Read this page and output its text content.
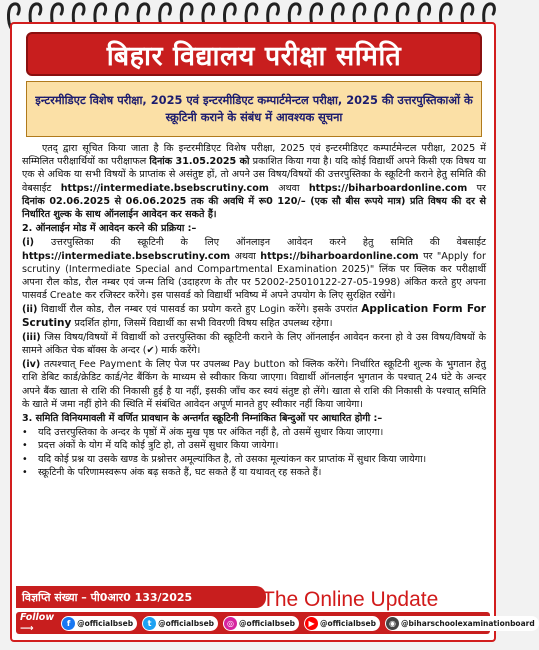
बिहार विद्यालय परीक्षा समिति
इन्टरमीडिएट विशेष परीक्षा, 2025 एवं इन्टरमीडिएट कम्पार्टमेन्टल परीक्षा, 2025 की उत्तरपुस्तिकाओं के स्क्रूटिनी कराने के संबंध में आवश्यक सूचना

एतद् द्वारा सूचित किया जाता है कि इन्टरमीडिएट विशेष परीक्षा, 2025 एवं इन्टरमीडिएट कम्पार्टमेन्टल परीक्षा, 2025 में सम्मिलित परीक्षार्थियों का परीक्षाफल दिनांक 31.05.2025 को प्रकाशित किया गया है। यदि कोई विद्यार्थी अपने किसी एक विषय या एक से अधिक या सभी विषयों के प्राप्तांक से असंतुष्ट हों, तो अपने उस विषय/विषयों की उत्तरपुस्तिका के स्क्रूटिनी कराने हेतु समिति की वेबसाईट https://intermediate.bsebscrutiny.com अथवा https://biharboardonline.com पर दिनांक 02.06.2025 से 06.06.2025 तक की अवधि में रू0 120/– (एक सौ बीस रूपये मात्र) प्रति विषय की दर से निर्धारित शुल्क के साथ ऑनलाईन आवेदन कर सकते हैं।

2. ऑनलाईन मोड में आवेदन करने की प्रक्रिया :–

(i) उत्तरपुस्तिका की स्क्रूटिनी के लिए ऑनलाइन आवेदन करने हेतु समिति की वेबसाईट https://intermediate.bsebscrutiny.com अथवा https://biharboardonline.com पर "Apply for scrutiny (Intermediate Special and Compartmental Examination 2025)" लिंक पर क्लिक कर परीक्षार्थी अपना रौल कोड, रौल नम्बर एवं जन्म तिथि (उदाहरण के तौर पर 52002-25010122-27-05-1998) अंकित करते हुए अपना पासवर्ड Create कर रजिस्टर करेंगे। इस पासवर्ड को विद्यार्थी भविष्य में अपने उपयोग के लिए सुरक्षित रखेंगे।

(ii) विद्यार्थी रौल कोड, रौल नम्बर एवं पासवर्ड का प्रयोग करते हुए Login करेंगे। इसके उपरांत Application Form For Scrutiny प्रदर्शित होगा, जिसमें विद्यार्थी का सभी विवरणी विषय सहित उपलब्ध रहेगा।

(iii) जिस विषय/विषयों में विद्यार्थी को उत्तरपुस्तिका की स्क्रूटिनी कराने के लिए ऑनलाईन आवेदन करना हो वे उस विषय/विषयों के सामने अंकित चेक बॉक्स के अन्दर (✔) मार्क करेंगे।

(iv) तत्पश्चात् Fee Payment के लिए पेज पर उपलब्ध Pay button को क्लिक करेंगे। निर्धारित स्क्रूटिनी शुल्क के भुगतान हेतु राशि डेबिट कार्ड/क्रेडिट कार्ड/नेट बैंकिंग के माध्यम से स्वीकार किया जाएगा। विद्यार्थी ऑनलाईन भुगतान के पश्चात् 24 घंटे के अन्दर अपने बैंक खाता से राशि की निकासी हुई है या नहीं, इसकी जाँच कर स्वयं संतुष्ट हो लेंगे। खाता से राशि की निकासी के पश्चात् समिति के खाते में जमा नहीं होने की स्थिति में संबंधित आवेदन अपूर्ण मानते हुए स्वीकार नहीं किया जायेगा।

3. समिति विनियमावली में वर्णित प्रावधान के अन्तर्गत स्क्रूटिनी निम्नांकित बिन्दुओं पर आधारित होगी :–

•	यदि उत्तरपुस्तिका के अन्दर के पृष्ठों में अंक मुख पृष्ठ पर अंकित नहीं है, तो उसमें सुधार किया जाएगा।
•	प्रदत्त अंकों के योग में यदि कोई त्रुटि हो, तो उसमें सुधार किया जायेगा।
•	यदि कोई प्रश्न या उसके खण्ड के प्रश्नोत्तर अमूल्यांकित है, तो उसका मूल्यांकन कर प्राप्तांक में सुधार किया जायेगा।
•	स्क्रूटिनी के परिणामस्वरूप अंक बढ़ सकते हैं, घट सकते हैं या यथावत् रह सकते हैं।
विज्ञप्ति संख्या – पी0आर0 133/2025	The Online Update
Follow ⟶	f @officialbseb	t @officialbseb	◎ @officialbseb	▶ @officialbseb	◉ @biharschoolexaminationboard
